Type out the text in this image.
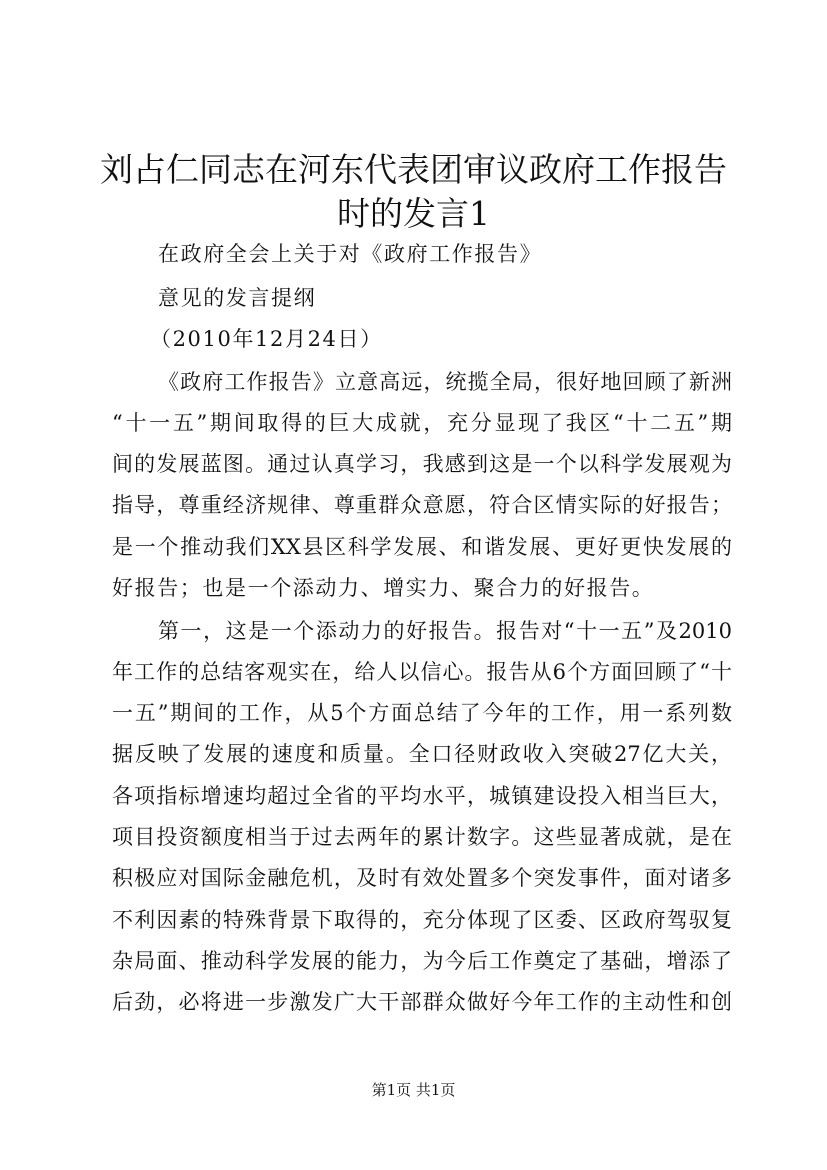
刘占仁同志在河东代表团审议政府工作报告时的发言1
在政府全会上关于对《政府工作报告》
意见的发言提纲
（2010年12月24日）
《政府工作报告》立意高远，统揽全局，很好地回顾了新洲
“十一五”期间取得的巨大成就，充分显现了我区“十二五”期
间的发展蓝图。通过认真学习，我感到这是一个以科学发展观为
指导，尊重经济规律、尊重群众意愿，符合区情实际的好报告；
是一个推动我们XX县区科学发展、和谐发展、更好更快发展的
好报告；也是一个添动力、增实力、聚合力的好报告。
第一，这是一个添动力的好报告。报告对“十一五”及2010
年工作的总结客观实在，给人以信心。报告从6个方面回顾了“十
一五”期间的工作，从5个方面总结了今年的工作，用一系列数
据反映了发展的速度和质量。全口径财政收入突破27亿大关，
各项指标增速均超过全省的平均水平，城镇建设投入相当巨大，
项目投资额度相当于过去两年的累计数字。这些显著成就，是在
积极应对国际金融危机，及时有效处置多个突发事件，面对诸多
不利因素的特殊背景下取得的，充分体现了区委、区政府驾驭复
杂局面、推动科学发展的能力，为今后工作奠定了基础，增添了
后劲，必将进一步激发广大干部群众做好今年工作的主动性和创
第1页 共1页
